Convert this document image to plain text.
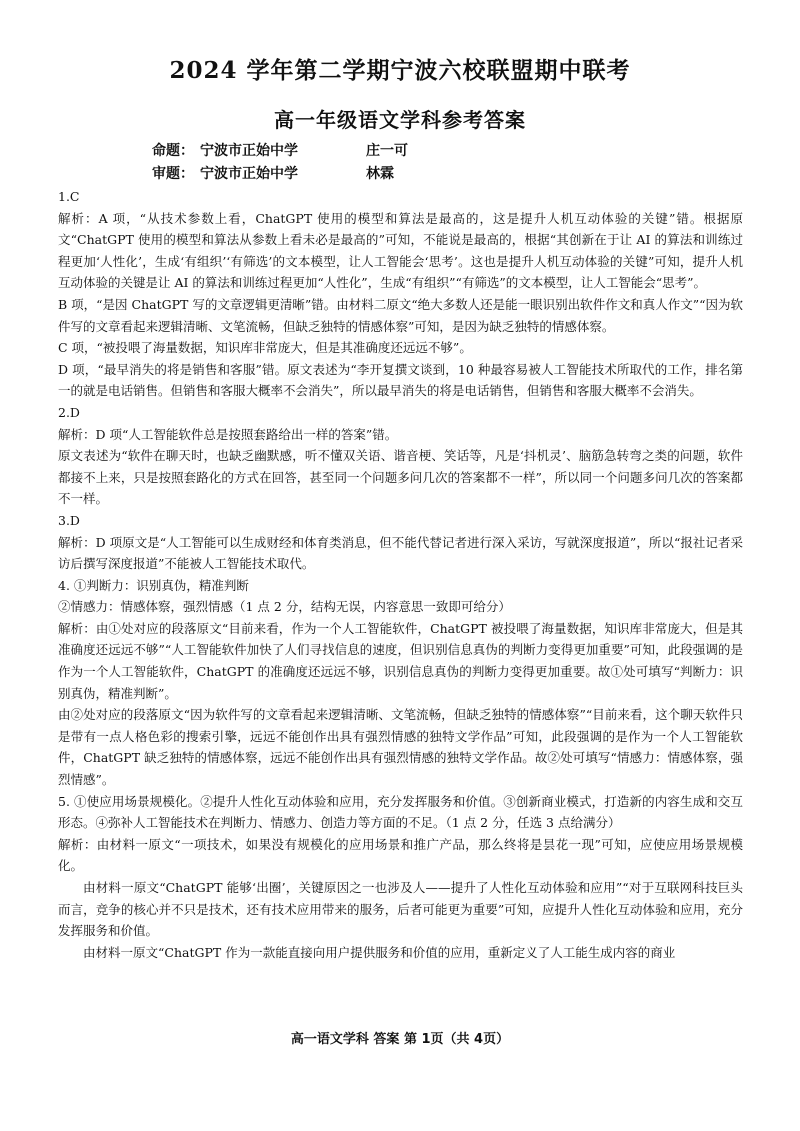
2024 学年第二学期宁波六校联盟期中联考
高一年级语文学科参考答案
命题： 宁波市正始中学	庄一可
审题： 宁波市正始中学	林霖

1.C

解析：A 项，“从技术参数上看，ChatGPT 使用的模型和算法是最高的，这是提升人机互动体验的关键”错。根据原文“ChatGPT 使用的模型和算法从参数上看未必是最高的”可知，不能说是最高的，根据“其创新在于让 AI 的算法和训练过程更加‘人性化’，生成‘有组织’‘有筛选’的文本模型，让人工智能会‘思考’。这也是提升人机互动体验的关键”可知，提升人机互动体验的关键是让 AI 的算法和训练过程更加“人性化”，生成“有组织”“有筛选”的文本模型，让人工智能会“思考”。

B 项，“是因 ChatGPT 写的文章逻辑更清晰”错。由材料二原文“绝大多数人还是能一眼识别出软件作文和真人作文”“因为软件写的文章看起来逻辑清晰、文笔流畅，但缺乏独特的情感体察”可知，是因为缺乏独特的情感体察。

C 项，“被投喂了海量数据，知识库非常庞大，但是其准确度还远远不够”。

D 项，“最早消失的将是销售和客服”错。原文表述为“李开复撰文谈到，10 种最容易被人工智能技术所取代的工作，排名第一的就是电话销售。但销售和客服大概率不会消失”，所以最早消失的将是电话销售，但销售和客服大概率不会消失。

2.D

解析：D 项“人工智能软件总是按照套路给出一样的答案”错。

原文表述为“软件在聊天时，也缺乏幽默感，听不懂双关语、谐音梗、笑话等，凡是‘抖机灵’、脑筋急转弯之类的问题，软件都接不上来，只是按照套路化的方式在回答，甚至同一个问题多问几次的答案都不一样”，所以同一个问题多问几次的答案都不一样。

3.D

解析：D 项原文是“人工智能可以生成财经和体育类消息，但不能代替记者进行深入采访，写就深度报道”，所以“报社记者采访后撰写深度报道”不能被人工智能技术取代。

4. ①判断力：识别真伪，精准判断

②情感力：情感体察，强烈情感（1 点 2 分，结构无误，内容意思一致即可给分）

解析：由①处对应的段落原文“目前来看，作为一个人工智能软件，ChatGPT 被投喂了海量数据，知识库非常庞大，但是其准确度还远远不够”“人工智能软件加快了人们寻找信息的速度，但识别信息真伪的判断力变得更加重要”可知，此段强调的是作为一个人工智能软件，ChatGPT 的准确度还远远不够，识别信息真伪的判断力变得更加重要。故①处可填写“判断力：识别真伪，精准判断”。

由②处对应的段落原文“因为软件写的文章看起来逻辑清晰、文笔流畅，但缺乏独特的情感体察”“目前来看，这个聊天软件只是带有一点人格色彩的搜索引擎，远远不能创作出具有强烈情感的独特文学作品”可知，此段强调的是作为一个人工智能软件，ChatGPT 缺乏独特的情感体察，远远不能创作出具有强烈情感的独特文学作品。故②处可填写“情感力：情感体察，强烈情感”。

5. ①使应用场景规模化。②提升人性化互动体验和应用，充分发挥服务和价值。③创新商业模式，打造新的内容生成和交互形态。④弥补人工智能技术在判断力、情感力、创造力等方面的不足。（1 点 2 分，任选 3 点给满分）

解析：由材料一原文“一项技术，如果没有规模化的应用场景和推广产品，那么终将是昙花一现”可知，应使应用场景规模化。

由材料一原文“ChatGPT 能够‘出圈’，关键原因之一也涉及人——提升了人性化互动体验和应用”“对于互联网科技巨头而言，竞争的核心并不只是技术，还有技术应用带来的服务，后者可能更为重要”可知，应提升人性化互动体验和应用，充分发挥服务和价值。

由材料一原文“ChatGPT 作为一款能直接向用户提供服务和价值的应用，重新定义了人工能生成内容的商业

高一语文学科 答案 第 1页（共 4页）
